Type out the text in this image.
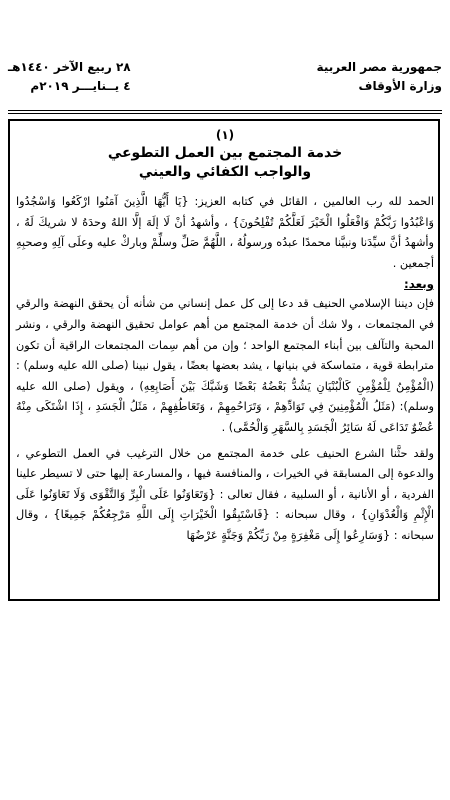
جمهورية مصر العربية
وزارة الأوقاف
٢٨ ربيع الآخر ١٤٤٠هـ
٤ يــنايـــر ٢٠١٩م
(١)
خدمة المجتمع بين العمل التطوعي
والواجب الكفائي والعيني

الحمد لله رب العالمين ، القائل في كتابه العزيز: {يَا أَيُّهَا الَّذِينَ آمَنُوا ارْكَعُوا وَاسْجُدُوا وَاعْبُدُوا رَبَّكُمْ وَافْعَلُوا الْخَيْرَ لَعَلَّكُمْ تُفْلِحُونَ} ، وأشهدُ أنْ لَا إلَهَ إلَّا اللهُ وحدَهُ لا شريكَ لَهُ ، وأشهدُ أنَّ سيِّدَنا ونبيَّنا محمدًا عبدُه ورسولُهُ ، اللَّهُمَّ صَلِّ وسلِّمْ وباركْ عليه وعلَى آلِهِ وصحبِهِ أجمعين .

وبعد:

فإن ديننا الإسلامي الحنيف قد دعا إلى كل عمل إنساني من شأنه أن يحقق النهضة والرقي في المجتمعات ، ولا شك أن خدمة المجتمع من أهم عوامل تحقيق النهضة والرقي ، ونشر المحبة والتآلف بين أبناء المجتمع الواحد ؛ وإن من أهم سِمات المجتمعات الراقية أن تكون مترابطة قوية ، متماسكة في بنيانها ، يشد بعضها بعضًا ، يقول نبينا (صلى الله عليه وسلم) : (الْمُؤْمِنُ لِلْمُؤْمِنِ كَالْبُنْيَانِ يَشُدُّ بَعْضُهُ بَعْضًا وَشَبَّكَ بَيْنَ أَصَابِعِهِ) ، ويقول (صلى الله عليه وسلم): (مَثَلُ الْمُؤْمِنِينَ فِي تَوَادِّهِمْ ، وَتَرَاحُمِهِمْ ، وَتَعَاطُفِهِمْ ، مَثَلُ الْجَسَدِ ، إِذَا اشْتَكَى مِنْهُ عُضْوٌ تَدَاعَى لَهُ سَائِرُ الْجَسَدِ بِالسَّهَرِ وَالْحُمَّى) .

ولقد حثَّنا الشرع الحنيف على خدمة المجتمع من خلال الترغيب في العمل التطوعي ، والدعوة إلى المسابقة في الخيرات ، والمنافسة فيها ، والمسارعة إليها حتى لا تسيطر علينا الفردية ، أو الأنانية ، أو السلبية ، فقال تعالى : {وَتَعَاوَنُوا عَلَى الْبِرِّ وَالتَّقْوَى وَلَا تَعَاوَنُوا عَلَى الْإِثْمِ وَالْعُدْوَانِ} ، وقال سبحانه : {فَاسْتَبِقُوا الْخَيْرَاتِ إِلَى اللَّهِ مَرْجِعُكُمْ جَمِيعًا} ، وقال سبحانه : {وَسَارِعُوا إِلَى مَغْفِرَةٍ مِنْ رَبِّكُمْ وَجَنَّةٍ عَرْضُهَا
